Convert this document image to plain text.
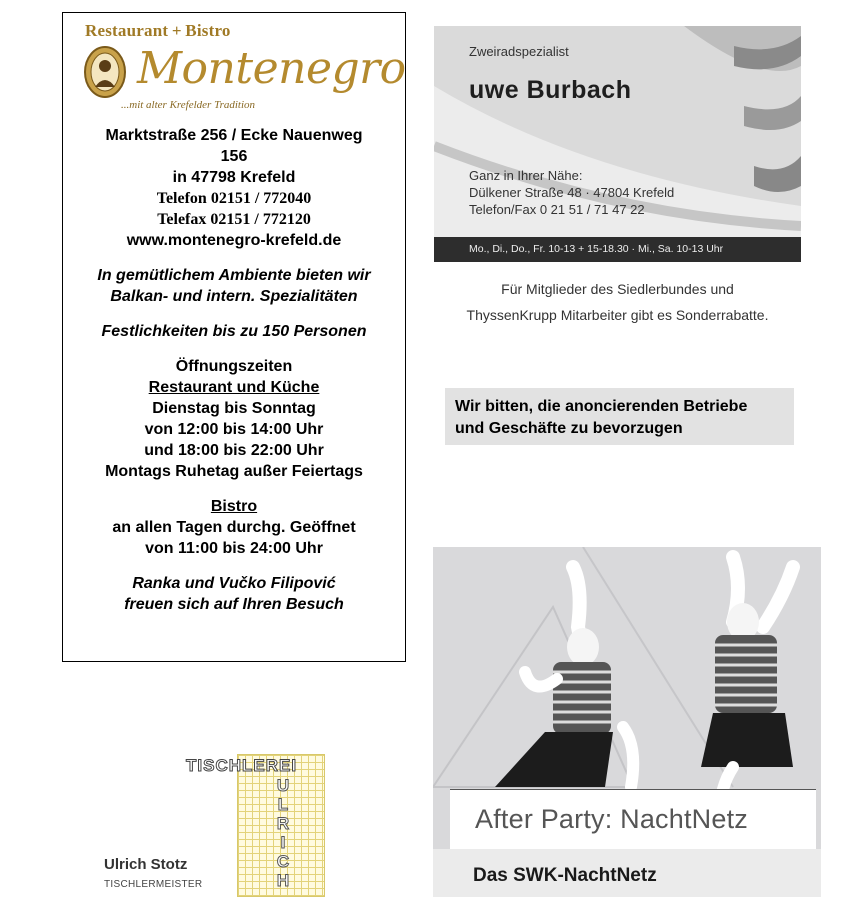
Restaurant + Bistro
Montenegro
...mit alter Krefelder Tradition
Marktstraße 256 / Ecke Nauenweg
156
in 47798 Krefeld
Telefon 02151 / 772040
Telefax 02151 / 772120
www.montenegro-krefeld.de
In gemütlichem Ambiente bieten wir
Balkan- und intern. Spezialitäten
Festlichkeiten bis zu 150 Personen
Öffnungszeiten
Restaurant und Küche
Dienstag bis Sonntag
von 12:00 bis 14:00 Uhr
und 18:00 bis 22:00 Uhr
Montags Ruhetag außer Feiertags
Bistro
an allen Tagen durchg. Geöffnet
von 11:00 bis 24:00 Uhr
Ranka und Vučko Filipović
freuen sich auf Ihren Besuch
Zweiradspezialist
uwe Burbach
Ganz in Ihrer Nähe:
Dülkener Straße 48 · 47804 Krefeld
Telefon/Fax 0 21 51 / 71 47 22
Mo., Di., Do., Fr. 10-13 + 15-18.30 · Mi., Sa. 10-13 Uhr
Für Mitglieder des Siedlerbundes und
ThyssenKrupp Mitarbeiter gibt es Sonderrabatte.
Wir bitten, die anoncierenden Betriebe
und Geschäfte zu bevorzugen
TISCHLEREI
U
L
R
I
C
H
Ulrich Stotz
TISCHLERMEISTER
After Party: NachtNetz
Das SWK-NachtNetz
